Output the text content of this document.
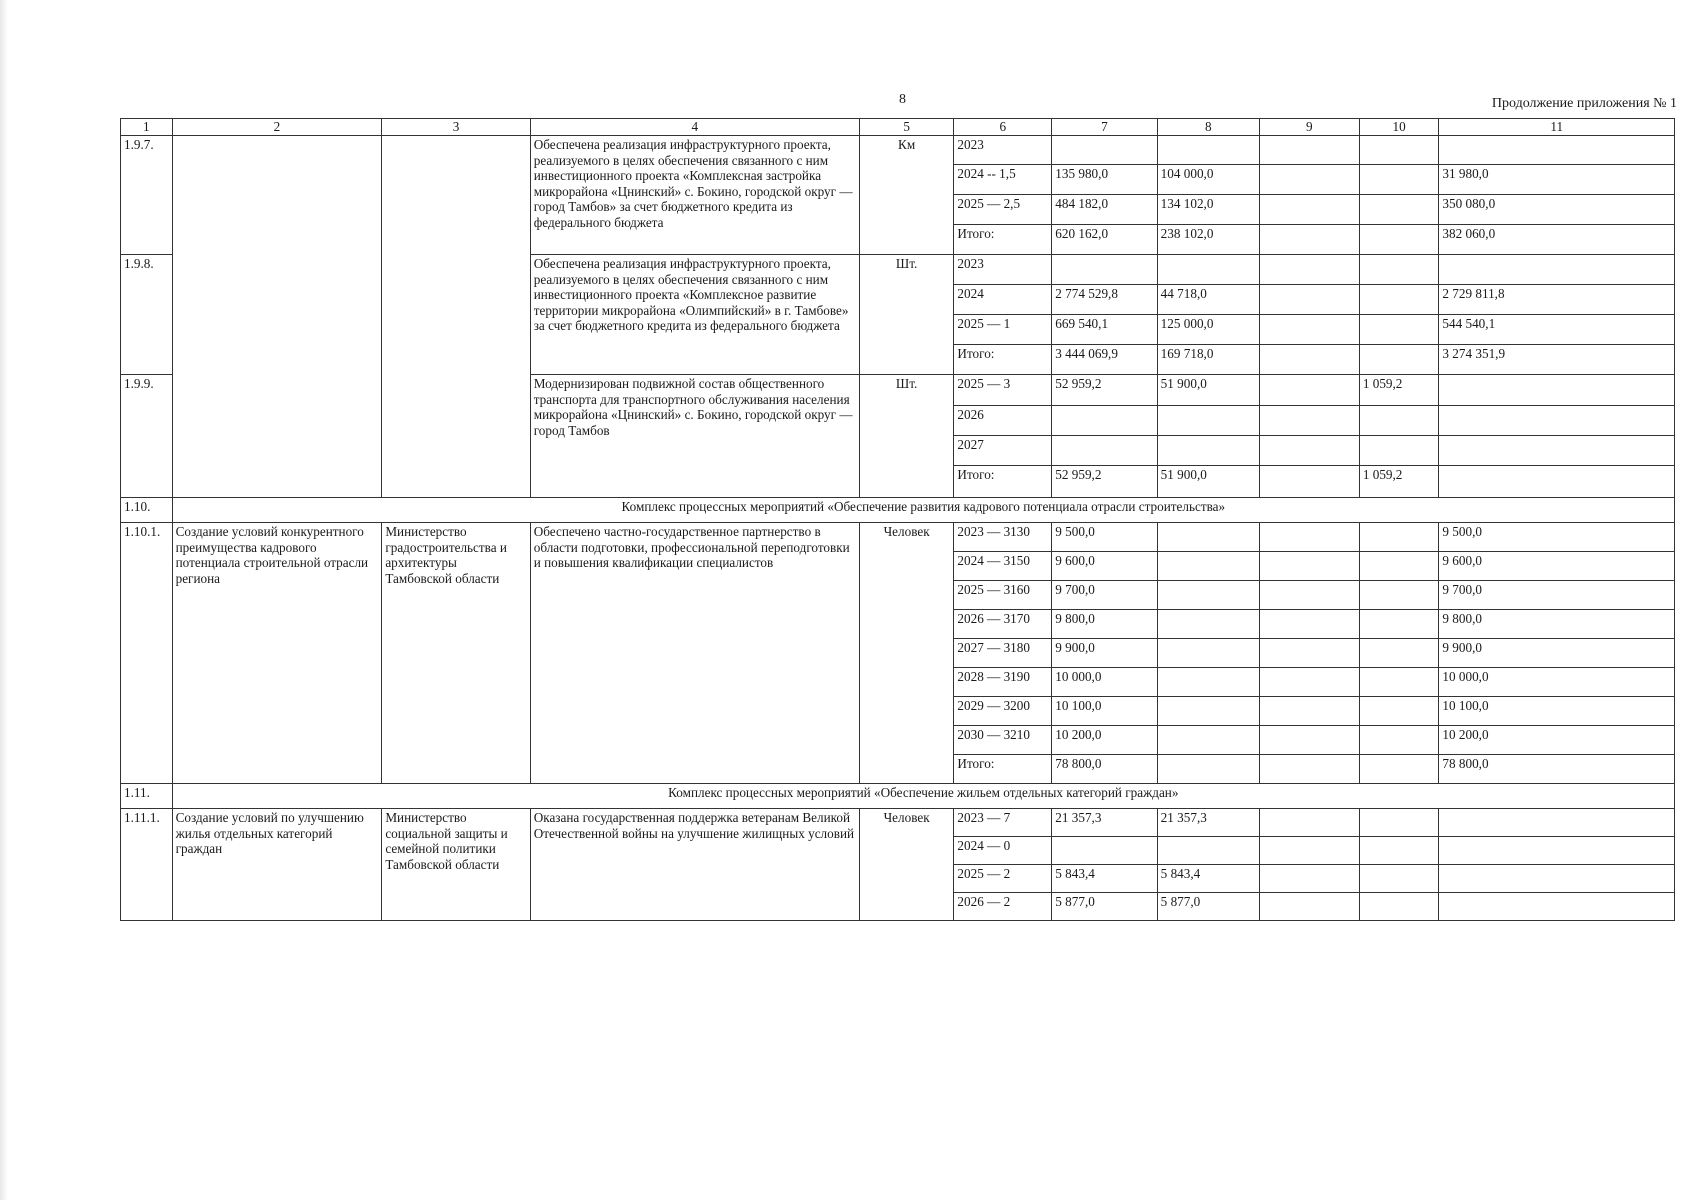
8	Продолжение приложения № 1
1	2	3	4	5	6	7	8	9	10	11
1.9.7.			Обеспечена реализация инфраструктурного проекта, реализуемого в целях обеспечения связанного с ним инвестиционного проекта «Комплексная застройка микрорайона «Цнинский» с. Бокино, городской округ — город Тамбов» за счет бюджетного кредита из федерального бюджета	Км	2023					
					2024 -- 1,5	135 980,0	104 000,0			31 980,0
					2025 — 2,5	484 182,0	134 102,0			350 080,0
					Итого:	620 162,0	238 102,0			382 060,0
1.9.8.			Обеспечена реализация инфраструктурного проекта, реализуемого в целях обеспечения связанного с ним инвестиционного проекта «Комплексное развитие территории микрорайона «Олимпийский» в г. Тамбове» за счет бюджетного кредита из федерального бюджета	Шт.	2023					
					2024	2 774 529,8	44 718,0			2 729 811,8
					2025 — 1	669 540,1	125 000,0			544 540,1
					Итого:	3 444 069,9	169 718,0			3 274 351,9
1.9.9.			Модернизирован подвижной состав общественного транспорта для транспортного обслуживания населения микрорайона «Цнинский» с. Бокино, городской округ — город Тамбов	Шт.	2025 — 3	52 959,2	51 900,0		1 059,2	
					2026					
					2027					
					Итого:	52 959,2	51 900,0		1 059,2	
1.10.	Комплекс процессных мероприятий «Обеспечение развития кадрового потенциала отрасли строительства»									
1.10.1.	Создание условий конкурентного преимущества кадрового потенциала строительной отрасли региона	Министерство градостроительства и архитектуры Тамбовской области	Обеспечено частно-государственное партнерство в области подготовки, профессиональной переподготовки и повышения квалификации специалистов	Человек	2023 — 3130	9 500,0				9 500,0
					2024 — 3150	9 600,0				9 600,0
					2025 — 3160	9 700,0				9 700,0
					2026 — 3170	9 800,0				9 800,0
					2027 — 3180	9 900,0				9 900,0
					2028 — 3190	10 000,0				10 000,0
					2029 — 3200	10 100,0				10 100,0
					2030 — 3210	10 200,0				10 200,0
					Итого:	78 800,0				78 800,0
1.11.	Комплекс процессных мероприятий «Обеспечение жильем отдельных категорий граждан»									
1.11.1.	Создание условий по улучшению жилья отдельных категорий граждан	Министерство социальной защиты и семейной политики Тамбовской области	Оказана государственная поддержка ветеранам Великой Отечественной войны на улучшение жилищных условий	Человек	2023 — 7	21 357,3	21 357,3			
					2024 — 0					
					2025 — 2	5 843,4	5 843,4			
					2026 — 2	5 877,0	5 877,0			
